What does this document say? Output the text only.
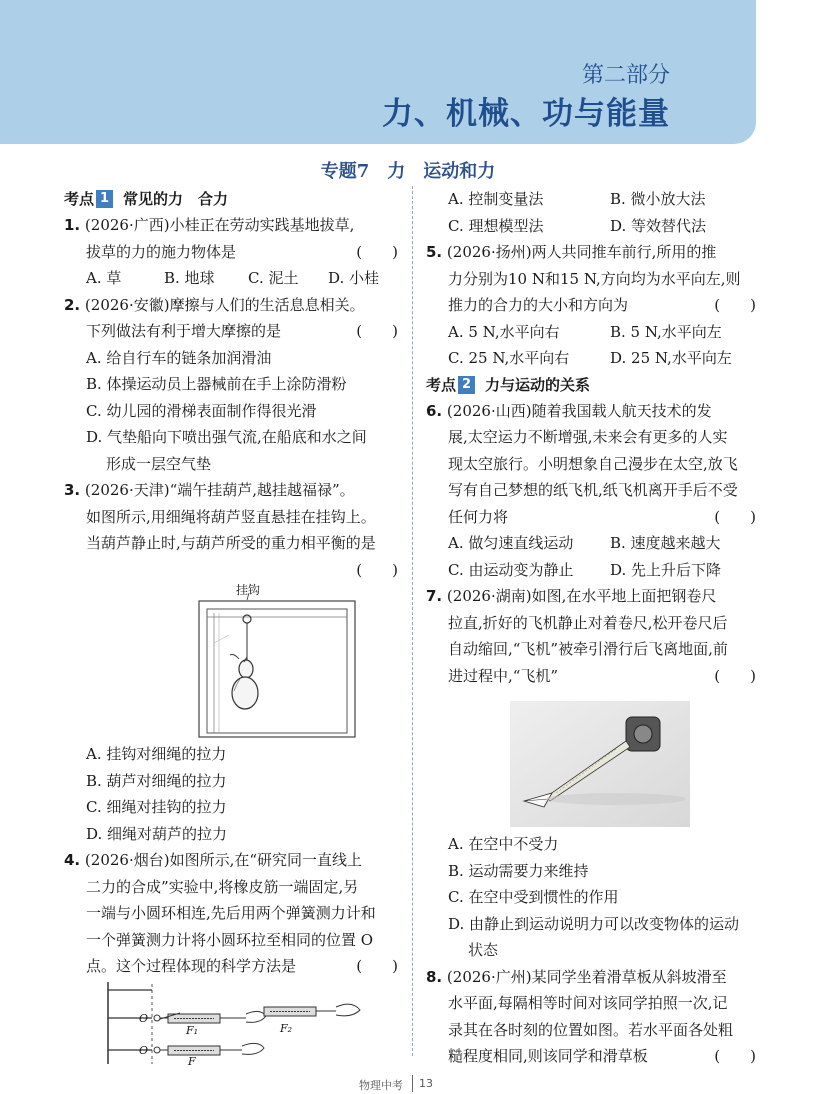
第二部分
力、机械、功与能量
专题7　力　运动和力
考点 1 常见的力　合力
1. (2026·广西)小桂正在劳动实践基地拔草,
拔草的力的施力物体是	(　　)
A. 草	B. 地球	C. 泥土	D. 小桂
2. (2026·安徽)摩擦与人们的生活息息相关。
下列做法有利于增大摩擦的是	(　　)
A. 给自行车的链条加润滑油
B. 体操运动员上器械前在手上涂防滑粉
C. 幼儿园的滑梯表面制作得很光滑
D. 气垫船向下喷出强气流,在船底和水之间
形成一层空气垫
3. (2026·天津)“端午挂葫芦,越挂越福禄”。
如图所示,用细绳将葫芦竖直悬挂在挂钩上。
当葫芦静止时,与葫芦所受的重力相平衡的是
(　　)
挂钩
A. 挂钩对细绳的拉力
B. 葫芦对细绳的拉力
C. 细绳对挂钩的拉力
D. 细绳对葫芦的拉力
4. (2026·烟台)如图所示,在“研究同一直线上
二力的合成”实验中,将橡皮筋一端固定,另
一端与小圆环相连,先后用两个弹簧测力计和
一个弹簧测力计将小圆环拉至相同的位置 O
点。这个过程体现的科学方法是	(　　)
O
O
F₁	F₂
F
A. 控制变量法	B. 微小放大法
C. 理想模型法	D. 等效替代法
5. (2026·扬州)两人共同推车前行,所用的推
力分别为10 N和15 N,方向均为水平向左,则
推力的合力的大小和方向为	(　　)
A. 5 N,水平向右	B. 5 N,水平向左
C. 25 N,水平向右	D. 25 N,水平向左
考点 2 力与运动的关系
6. (2026·山西)随着我国载人航天技术的发
展,太空运力不断增强,未来会有更多的人实
现太空旅行。小明想象自己漫步在太空,放飞
写有自己梦想的纸飞机,纸飞机离开手后不受
任何力将	(　　)
A. 做匀速直线运动	B. 速度越来越大
C. 由运动变为静止	D. 先上升后下降
7. (2026·湖南)如图,在水平地上面把钢卷尺
拉直,折好的飞机静止对着卷尺,松开卷尺后
自动缩回,“飞机”被牵引滑行后飞离地面,前
进过程中,“飞机”	(　　)
A. 在空中不受力
B. 运动需要力来维持
C. 在空中受到惯性的作用
D. 由静止到运动说明力可以改变物体的运动
状态
8. (2026·广州)某同学坐着滑草板从斜坡滑至
水平面,每隔相等时间对该同学拍照一次,记
录其在各时刻的位置如图。若水平面各处粗
糙程度相同,则该同学和滑草板	(　　)
物理中考 13
